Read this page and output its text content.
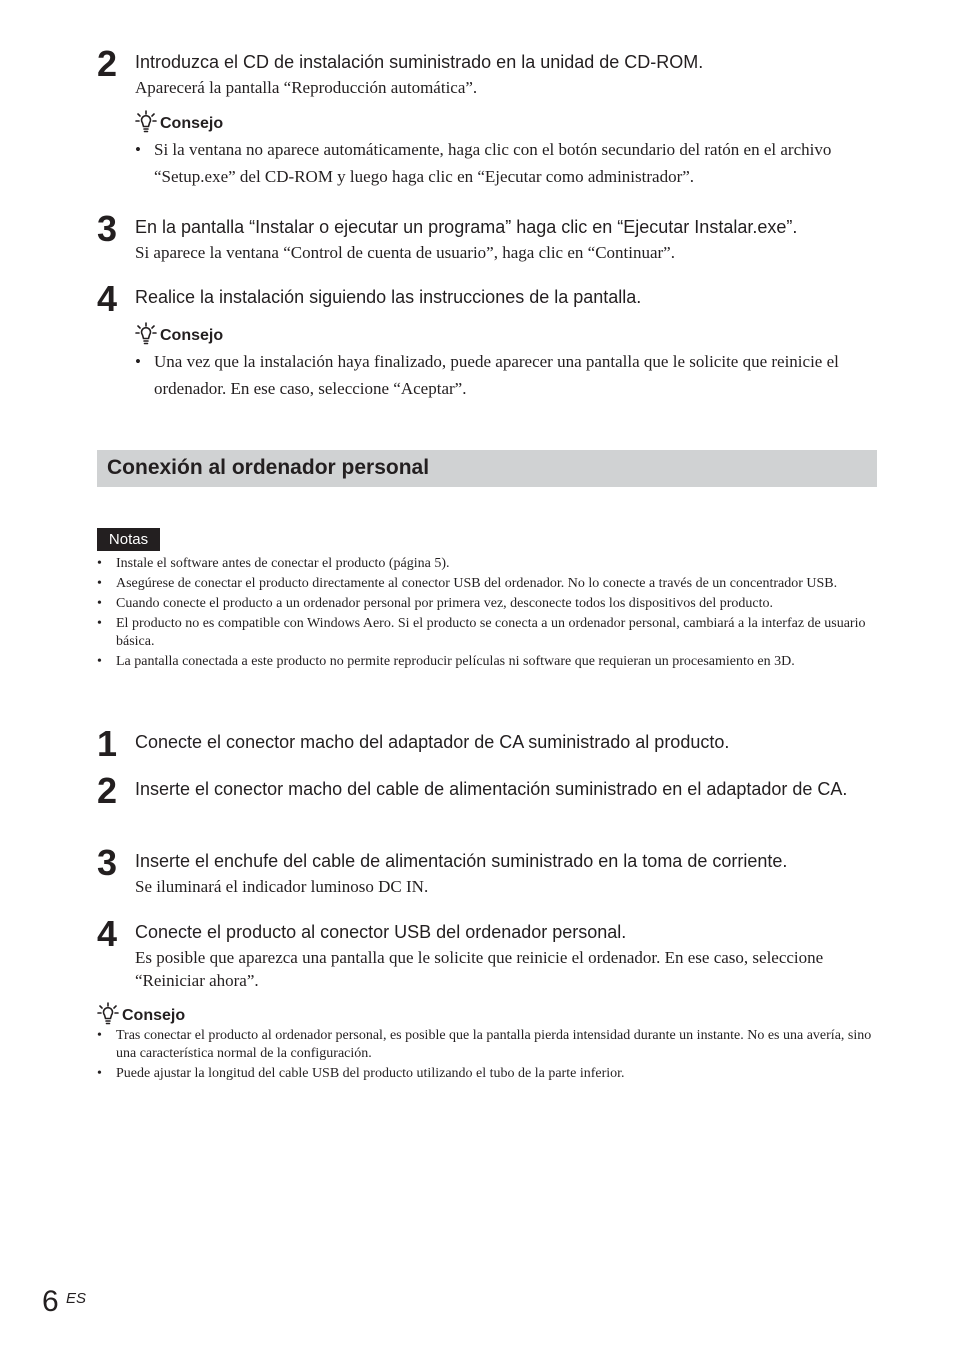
2 Introduzca el CD de instalación suministrado en la unidad de CD-ROM.
Aparecerá la pantalla “Reproducción automática”.
Consejo
• Si la ventana no aparece automáticamente, haga clic con el botón secundario del ratón en el archivo “Setup.exe” del CD-ROM y luego haga clic en “Ejecutar como administrador”.
3 En la pantalla “Instalar o ejecutar un programa” haga clic en “Ejecutar Instalar.exe”.
Si aparece la ventana “Control de cuenta de usuario”, haga clic en “Continuar”.
4 Realice la instalación siguiendo las instrucciones de la pantalla.
Consejo
• Una vez que la instalación haya finalizado, puede aparecer una pantalla que le solicite que reinicie el ordenador. En ese caso, seleccione “Aceptar”.
Conexión al ordenador personal
Notas
• Instale el software antes de conectar el producto (página 5).
• Asegúrese de conectar el producto directamente al conector USB del ordenador. No lo conecte a través de un concentrador USB.
• Cuando conecte el producto a un ordenador personal por primera vez, desconecte todos los dispositivos del producto.
• El producto no es compatible con Windows Aero. Si el producto se conecta a un ordenador personal, cambiará a la interfaz de usuario básica.
• La pantalla conectada a este producto no permite reproducir películas ni software que requieran un procesamiento en 3D.
1 Conecte el conector macho del adaptador de CA suministrado al producto.
2 Inserte el conector macho del cable de alimentación suministrado en el adaptador de CA.
3 Inserte el enchufe del cable de alimentación suministrado en la toma de corriente.
Se iluminará el indicador luminoso DC IN.
4 Conecte el producto al conector USB del ordenador personal.
Es posible que aparezca una pantalla que le solicite que reinicie el ordenador. En ese caso, seleccione “Reiniciar ahora”.
Consejo
• Tras conectar el producto al ordenador personal, es posible que la pantalla pierda intensidad durante un instante. No es una avería, sino una característica normal de la configuración.
• Puede ajustar la longitud del cable USB del producto utilizando el tubo de la parte inferior.
6 ES
